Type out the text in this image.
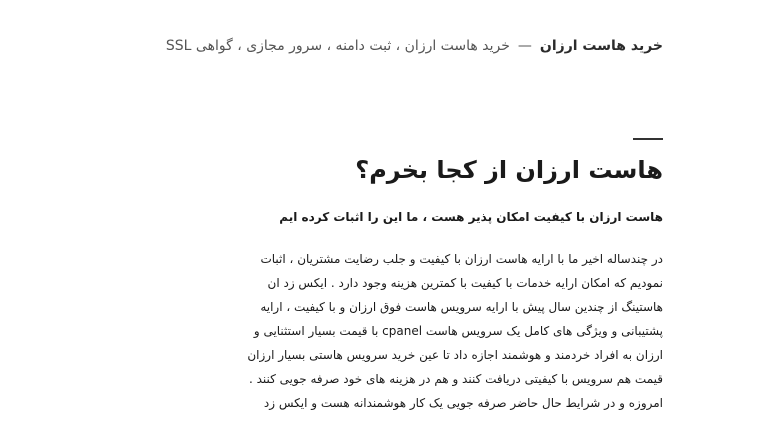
خرید هاست ارزان
—
خرید هاست ارزان ، ثبت دامنه ، سرور مجازی ، گواهی SSL
هاست ارزان از کجا بخرم؟

هاست ارزان با کیفیت امکان پذیر هست ، ما این را اثبات کرده ایم

در چندساله اخیر ما با ارایه هاست ارزان با کیفیت و جلب رضایت مشتریان ، اثبات
نمودیم که امکان ارایه خدمات با کیفیت با کمترین هزینه وجود دارد . ایکس زد ان
هاستینگ از چندین سال پیش با ارایه سرویس هاست فوق ارزان و با کیفیت ، ارایه
پشتیبانی و ویژگی های کامل یک سرویس هاست cpanel با قیمت بسیار استثنایی و
ارزان به افراد خردمند و هوشمند اجازه داد تا عین خرید سرویس هاستی بسیار ارزان
قیمت هم سرویس با کیفیتی دریافت کنند و هم در هزینه های خود صرفه جویی کنند .
امروزه و در شرایط حال حاضر صرفه جویی یک کار هوشمندانه هست و ایکس زد
